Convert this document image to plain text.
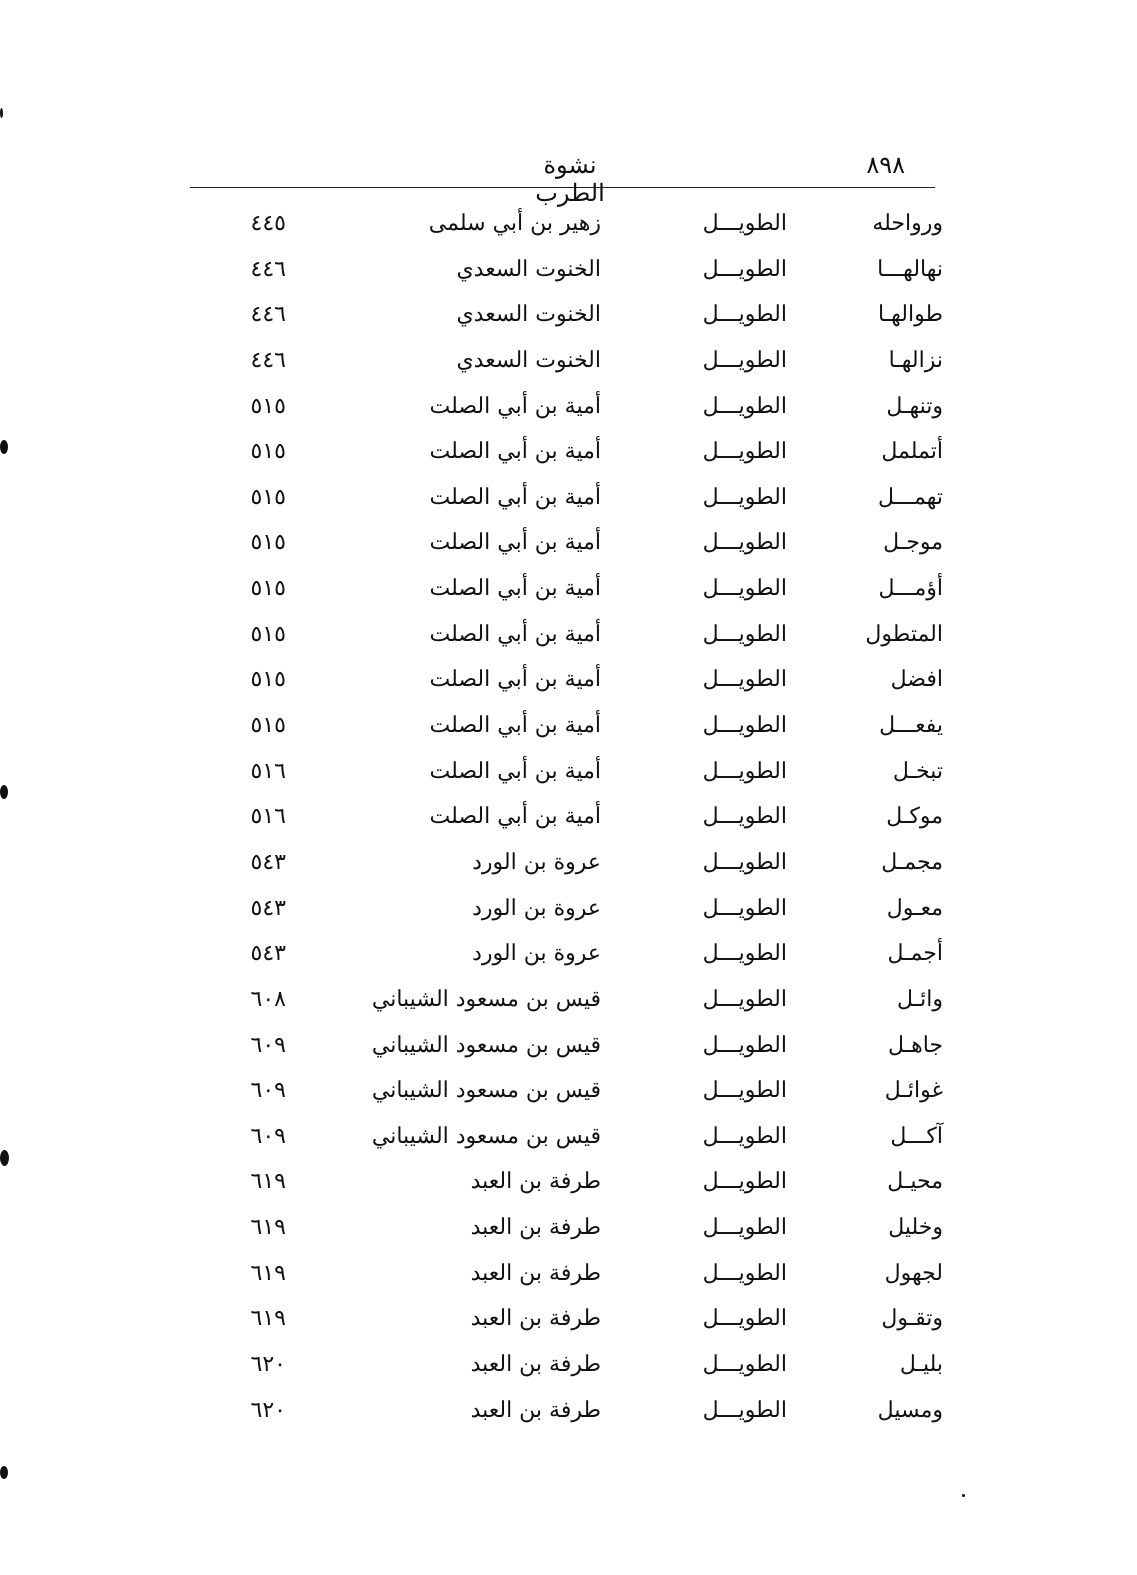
٨٩٨
نشوة الطرب
ورواحله
الطويـــل
زهير بن أبي سلمى
٤٤٥
نهالهـــا
الطويـــل
الخنوت السعدي
٤٤٦
طوالهـا
الطويـــل
الخنوت السعدي
٤٤٦
نزالهـا
الطويـــل
الخنوت السعدي
٤٤٦
وتنهـل
الطويـــل
أمية بن أبي الصلت
٥١٥
أتململ
الطويـــل
أمية بن أبي الصلت
٥١٥
تهمـــل
الطويـــل
أمية بن أبي الصلت
٥١٥
موجـل
الطويـــل
أمية بن أبي الصلت
٥١٥
أؤمـــل
الطويـــل
أمية بن أبي الصلت
٥١٥
المتطول
الطويـــل
أمية بن أبي الصلت
٥١٥
افضل
الطويـــل
أمية بن أبي الصلت
٥١٥
يفعـــل
الطويـــل
أمية بن أبي الصلت
٥١٥
تبخـل
الطويـــل
أمية بن أبي الصلت
٥١٦
موكـل
الطويـــل
أمية بن أبي الصلت
٥١٦
مجمـل
الطويـــل
عروة بن الورد
٥٤٣
معـول
الطويـــل
عروة بن الورد
٥٤٣
أجمـل
الطويـــل
عروة بن الورد
٥٤٣
وائـل
الطويـــل
قيس بن مسعود الشيباني
٦٠٨
جاهـل
الطويـــل
قيس بن مسعود الشيباني
٦٠٩
غوائـل
الطويـــل
قيس بن مسعود الشيباني
٦٠٩
آكـــل
الطويـــل
قيس بن مسعود الشيباني
٦٠٩
محيـل
الطويـــل
طرفة بن العبد
٦١٩
وخليل
الطويـــل
طرفة بن العبد
٦١٩
لجهول
الطويـــل
طرفة بن العبد
٦١٩
وتقـول
الطويـــل
طرفة بن العبد
٦١٩
بليـل
الطويـــل
طرفة بن العبد
٦٢٠
ومسيل
الطويـــل
طرفة بن العبد
٦٢٠
